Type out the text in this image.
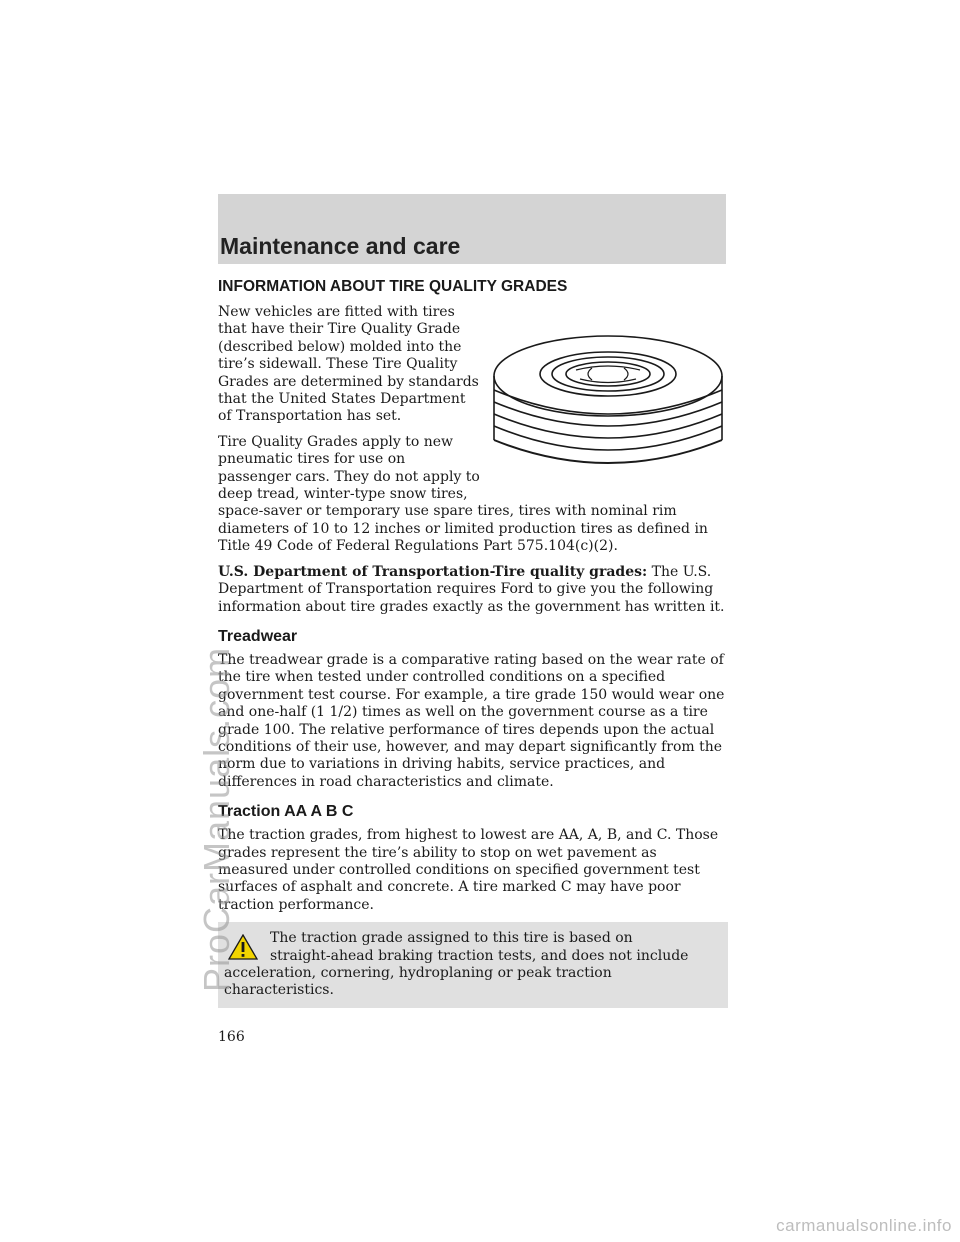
Maintenance and care
INFORMATION ABOUT TIRE QUALITY GRADES

New vehicles are fitted with tires that have their Tire Quality Grade (described below) molded into the tire’s sidewall. These Tire Quality Grades are determined by standards that the United States Department of Transportation has set.

Tire Quality Grades apply to new pneumatic tires for use on passenger cars. They do not apply to deep tread, winter-type snow tires, space-saver or temporary use spare tires, tires with nominal rim diameters of 10 to 12 inches or limited production tires as defined in Title 49 Code of Federal Regulations Part 575.104(c)(2).

U.S. Department of Transportation-Tire quality grades: The U.S. Department of Transportation requires Ford to give you the following information about tire grades exactly as the government has written it.

Treadwear

The treadwear grade is a comparative rating based on the wear rate of the tire when tested under controlled conditions on a specified government test course. For example, a tire grade 150 would wear one and one-half (1 1/2) times as well on the government course as a tire grade 100. The relative performance of tires depends upon the actual conditions of their use, however, and may depart significantly from the norm due to variations in driving habits, service practices, and differences in road characteristics and climate.

Traction AA A B C

The traction grades, from highest to lowest are AA, A, B, and C. Those grades represent the tire’s ability to stop on wet pavement as measured under controlled conditions on specified government test surfaces of asphalt and concrete. A tire marked C may have poor traction performance.

The traction grade assigned to this tire is based on
straight-ahead braking traction tests, and does not include
acceleration, cornering, hydroplaning or peak traction characteristics.

166
ProCarManuals.com
carmanualsonline.info
